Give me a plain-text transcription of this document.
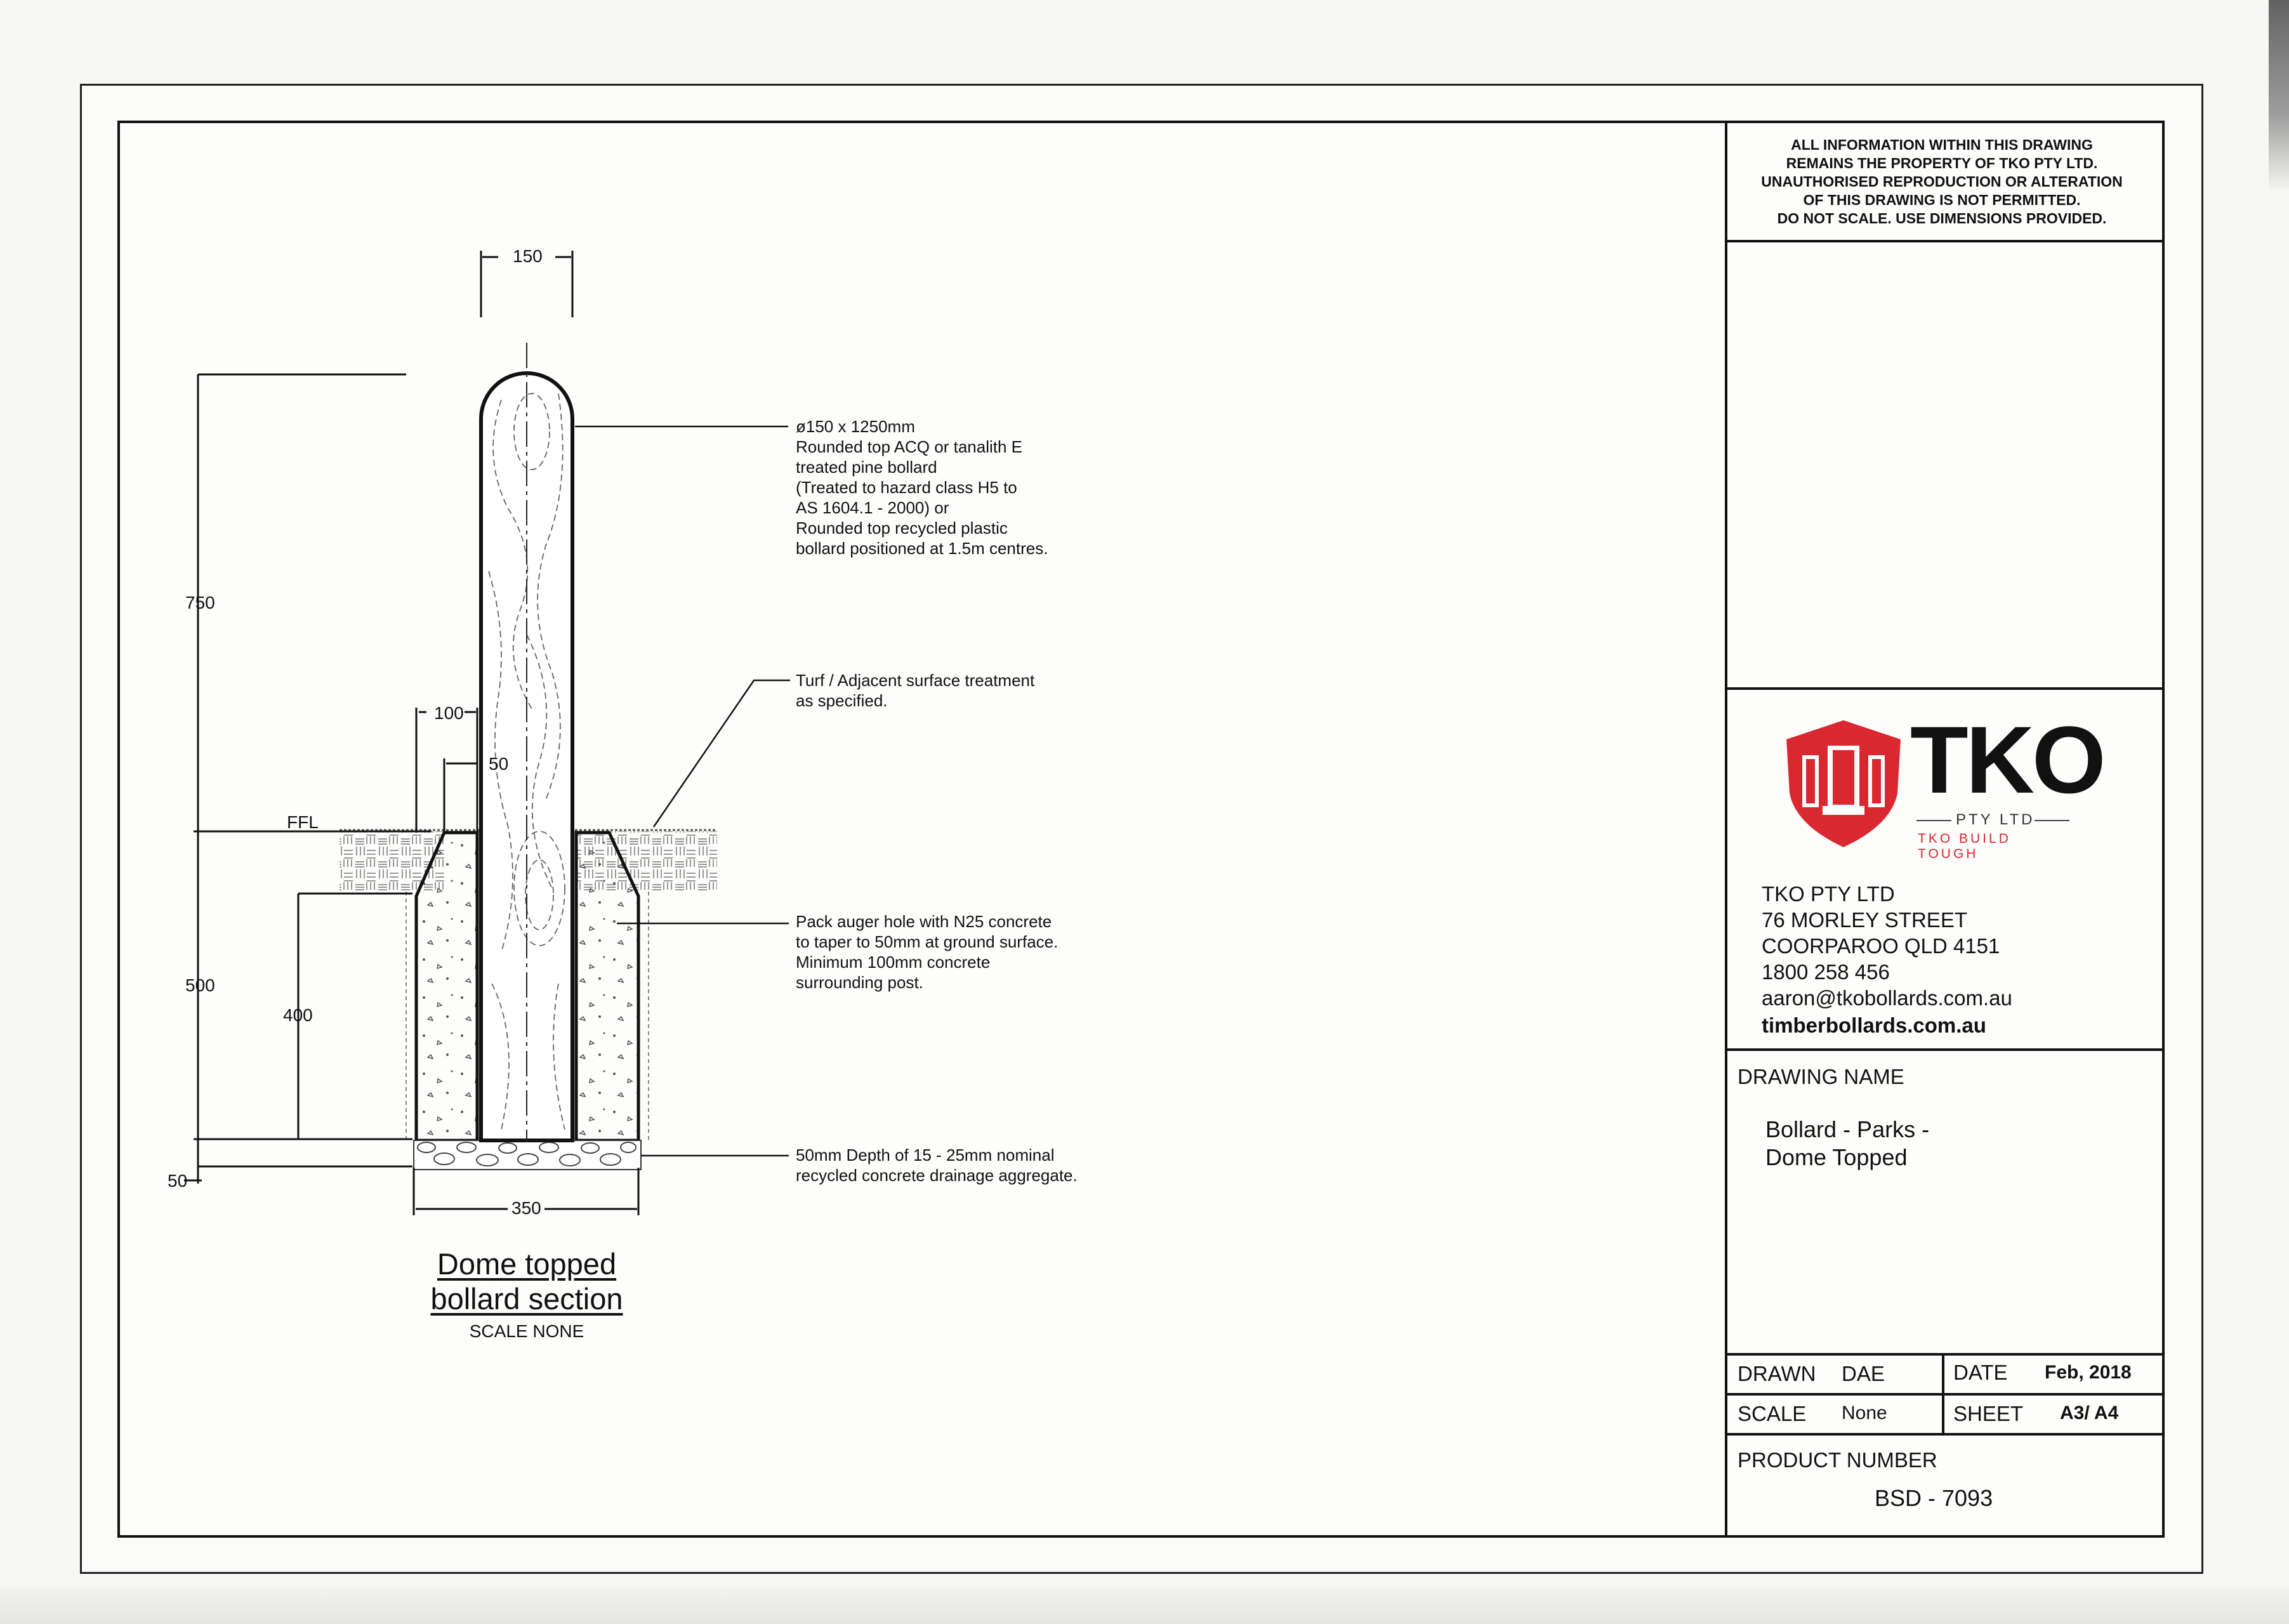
ALL INFORMATION WITHIN THIS DRAWING
REMAINS THE PROPERTY OF TKO PTY LTD.
UNAUTHORISED REPRODUCTION OR ALTERATION
OF THIS DRAWING IS NOT PERMITTED.
DO NOT SCALE. USE DIMENSIONS PROVIDED.
TKO
PTY LTD
TKO BUILD TOUGH
TKO PTY LTD
76 MORLEY STREET
COORPAROO QLD 4151
1800 258 456
aaron@tkobollards.com.au
timberbollards.com.au
DRAWING NAME
Bollard - Parks -
Dome Topped
DRAWN DAE	DATE Feb, 2018
SCALE None	SHEET A3/ A4
PRODUCT NUMBER
BSD - 7093
150
750
100
50
FFL
500
400
50
350
ø150 x 1250mm
Rounded top ACQ or tanalith E
treated pine bollard
(Treated to hazard class H5 to
AS 1604.1 - 2000) or
Rounded top recycled plastic
bollard positioned at 1.5m centres.
Turf / Adjacent surface treatment
as specified.
Pack auger hole with N25 concrete
to taper to 50mm at ground surface.
Minimum 100mm concrete
surrounding post.
50mm Depth of 15 - 25mm nominal
recycled concrete drainage aggregate.
Dome topped
bollard section
SCALE NONE
